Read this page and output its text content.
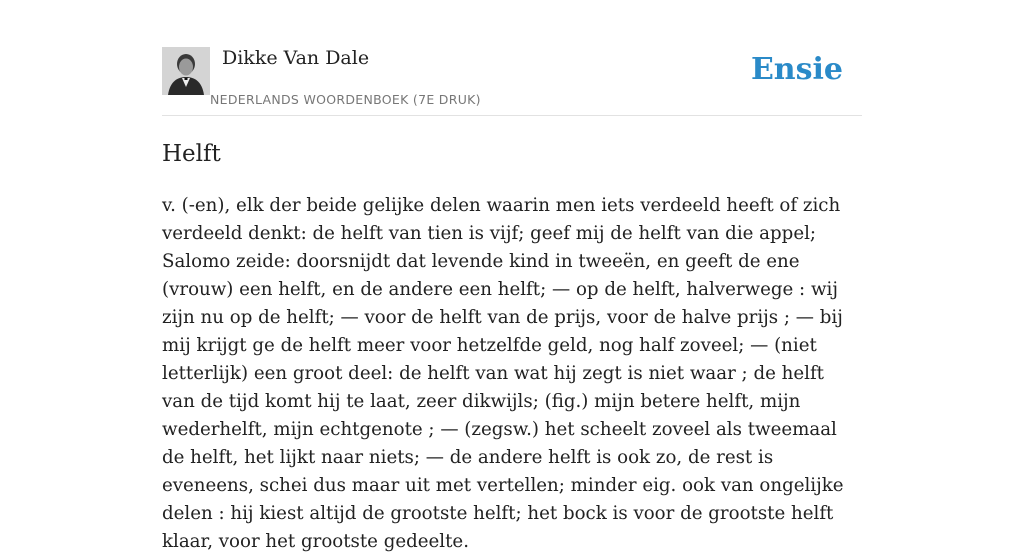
Dikke Van Dale
NEDERLANDS WOORDENBOEK (7E DRUK)
Ensie
Helft

v. (-en), elk der beide gelijke delen waarin men iets verdeeld heeft of zich verdeeld denkt: de helft van tien is vijf; geef mij de helft van die appel; Salomo zeide: doorsnijdt dat levende kind in tweeën, en geeft de ene (vrouw) een helft, en de andere een helft; — op de helft, halverwege : wij zijn nu op de helft; — voor de helft van de prijs, voor de halve prijs ; — bij mij krijgt ge de helft meer voor hetzelfde geld, nog half zoveel; — (niet letterlijk) een groot deel: de helft van wat hij zegt is niet waar ; de helft van de tijd komt hij te laat, zeer dikwijls; (fig.) mijn betere helft, mijn wederhelft, mijn echtgenote ; — (zegsw.) het scheelt zoveel als tweemaal de helft, het lijkt naar niets; — de andere helft is ook zo, de rest is eveneens, schei dus maar uit met vertellen; minder eig. ook van ongelijke delen : hij kiest altijd de grootste helft; het bock is voor de grootste helft klaar, voor het grootste gedeelte.
